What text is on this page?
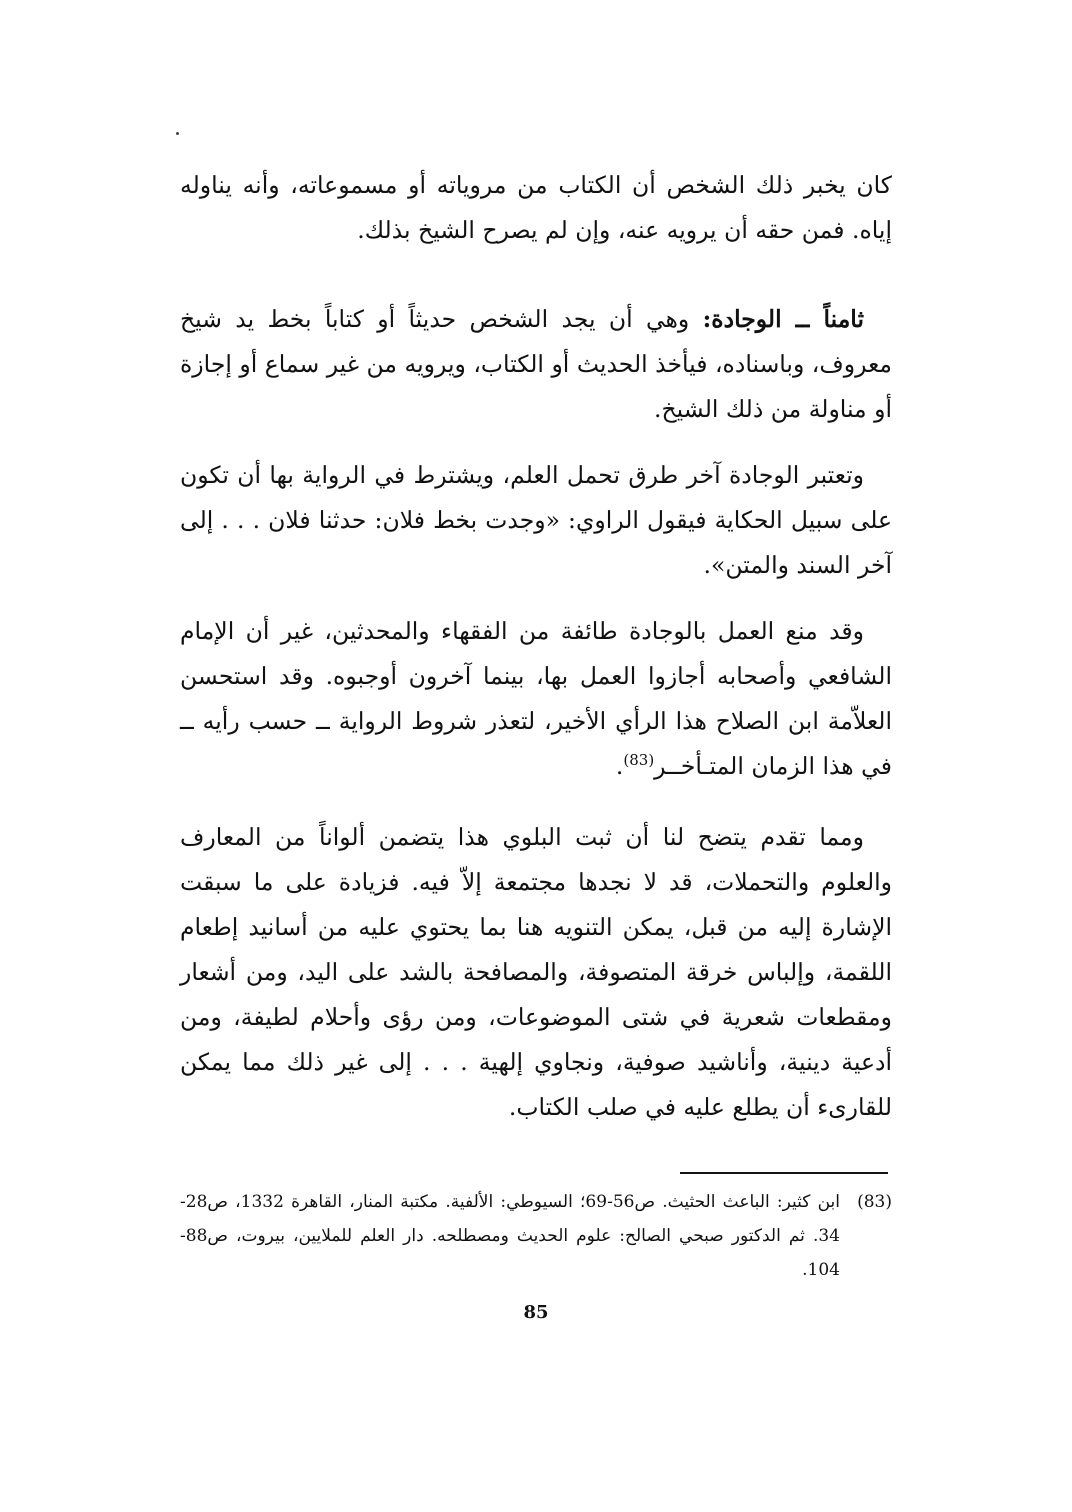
كان يخبر ذلك الشخص أن الكتاب من مروياته أو مسموعاته، وأنه يناوله إياه. فمن حقه أن يرويه عنه، وإن لم يصرح الشيخ بذلك.

ثامناً ــ الوجادة: وهي أن يجد الشخص حديثاً أو كتاباً بخط يد شيخ معروف، وباسناده، فيأخذ الحديث أو الكتاب، ويرويه من غير سماع أو إجازة أو مناولة من ذلك الشيخ.

وتعتبر الوجادة آخر طرق تحمل العلم، ويشترط في الرواية بها أن تكون على سبيل الحكاية فيقول الراوي: «وجدت بخط فلان: حدثنا فلان . . . إلى آخر السند والمتن».

وقد منع العمل بالوجادة طائفة من الفقهاء والمحدثين، غير أن الإمام الشافعي وأصحابه أجازوا العمل بها، بينما آخرون أوجبوه. وقد استحسن العلاّمة ابن الصلاح هذا الرأي الأخير، لتعذر شروط الرواية ــ حسب رأيه ــ في هذا الزمان المتـأخــر$^{(83)}$.

ومما تقدم يتضح لنا أن ثبت البلوي هذا يتضمن ألواناً من المعارف والعلوم والتحملات، قد لا نجدها مجتمعة إلاّ فيه. فزيادة على ما سبقت الإشارة إليه من قبل، يمكن التنويه هنا بما يحتوي عليه من أسانيد إطعام اللقمة، وإلباس خرقة المتصوفة، والمصافحة بالشد على اليد، ومن أشعار ومقطعات شعرية في شتى الموضوعات، ومن رؤى وأحلام لطيفة، ومن أدعية دينية، وأناشيد صوفية، ونجاوي إلهية . . . إلى غير ذلك مما يمكن للقارىء أن يطلع عليه في صلب الكتاب.

(83)
ابن كثير: الباعث الحثيث. ص56-69؛ السيوطي: الألفية. مكتبة المنار، القاهرة 1332، ص28-34. ثم الدكتور صبحي الصالح: علوم الحديث ومصطلحه. دار العلم للملايين، بيروت، ص88-104.
85
